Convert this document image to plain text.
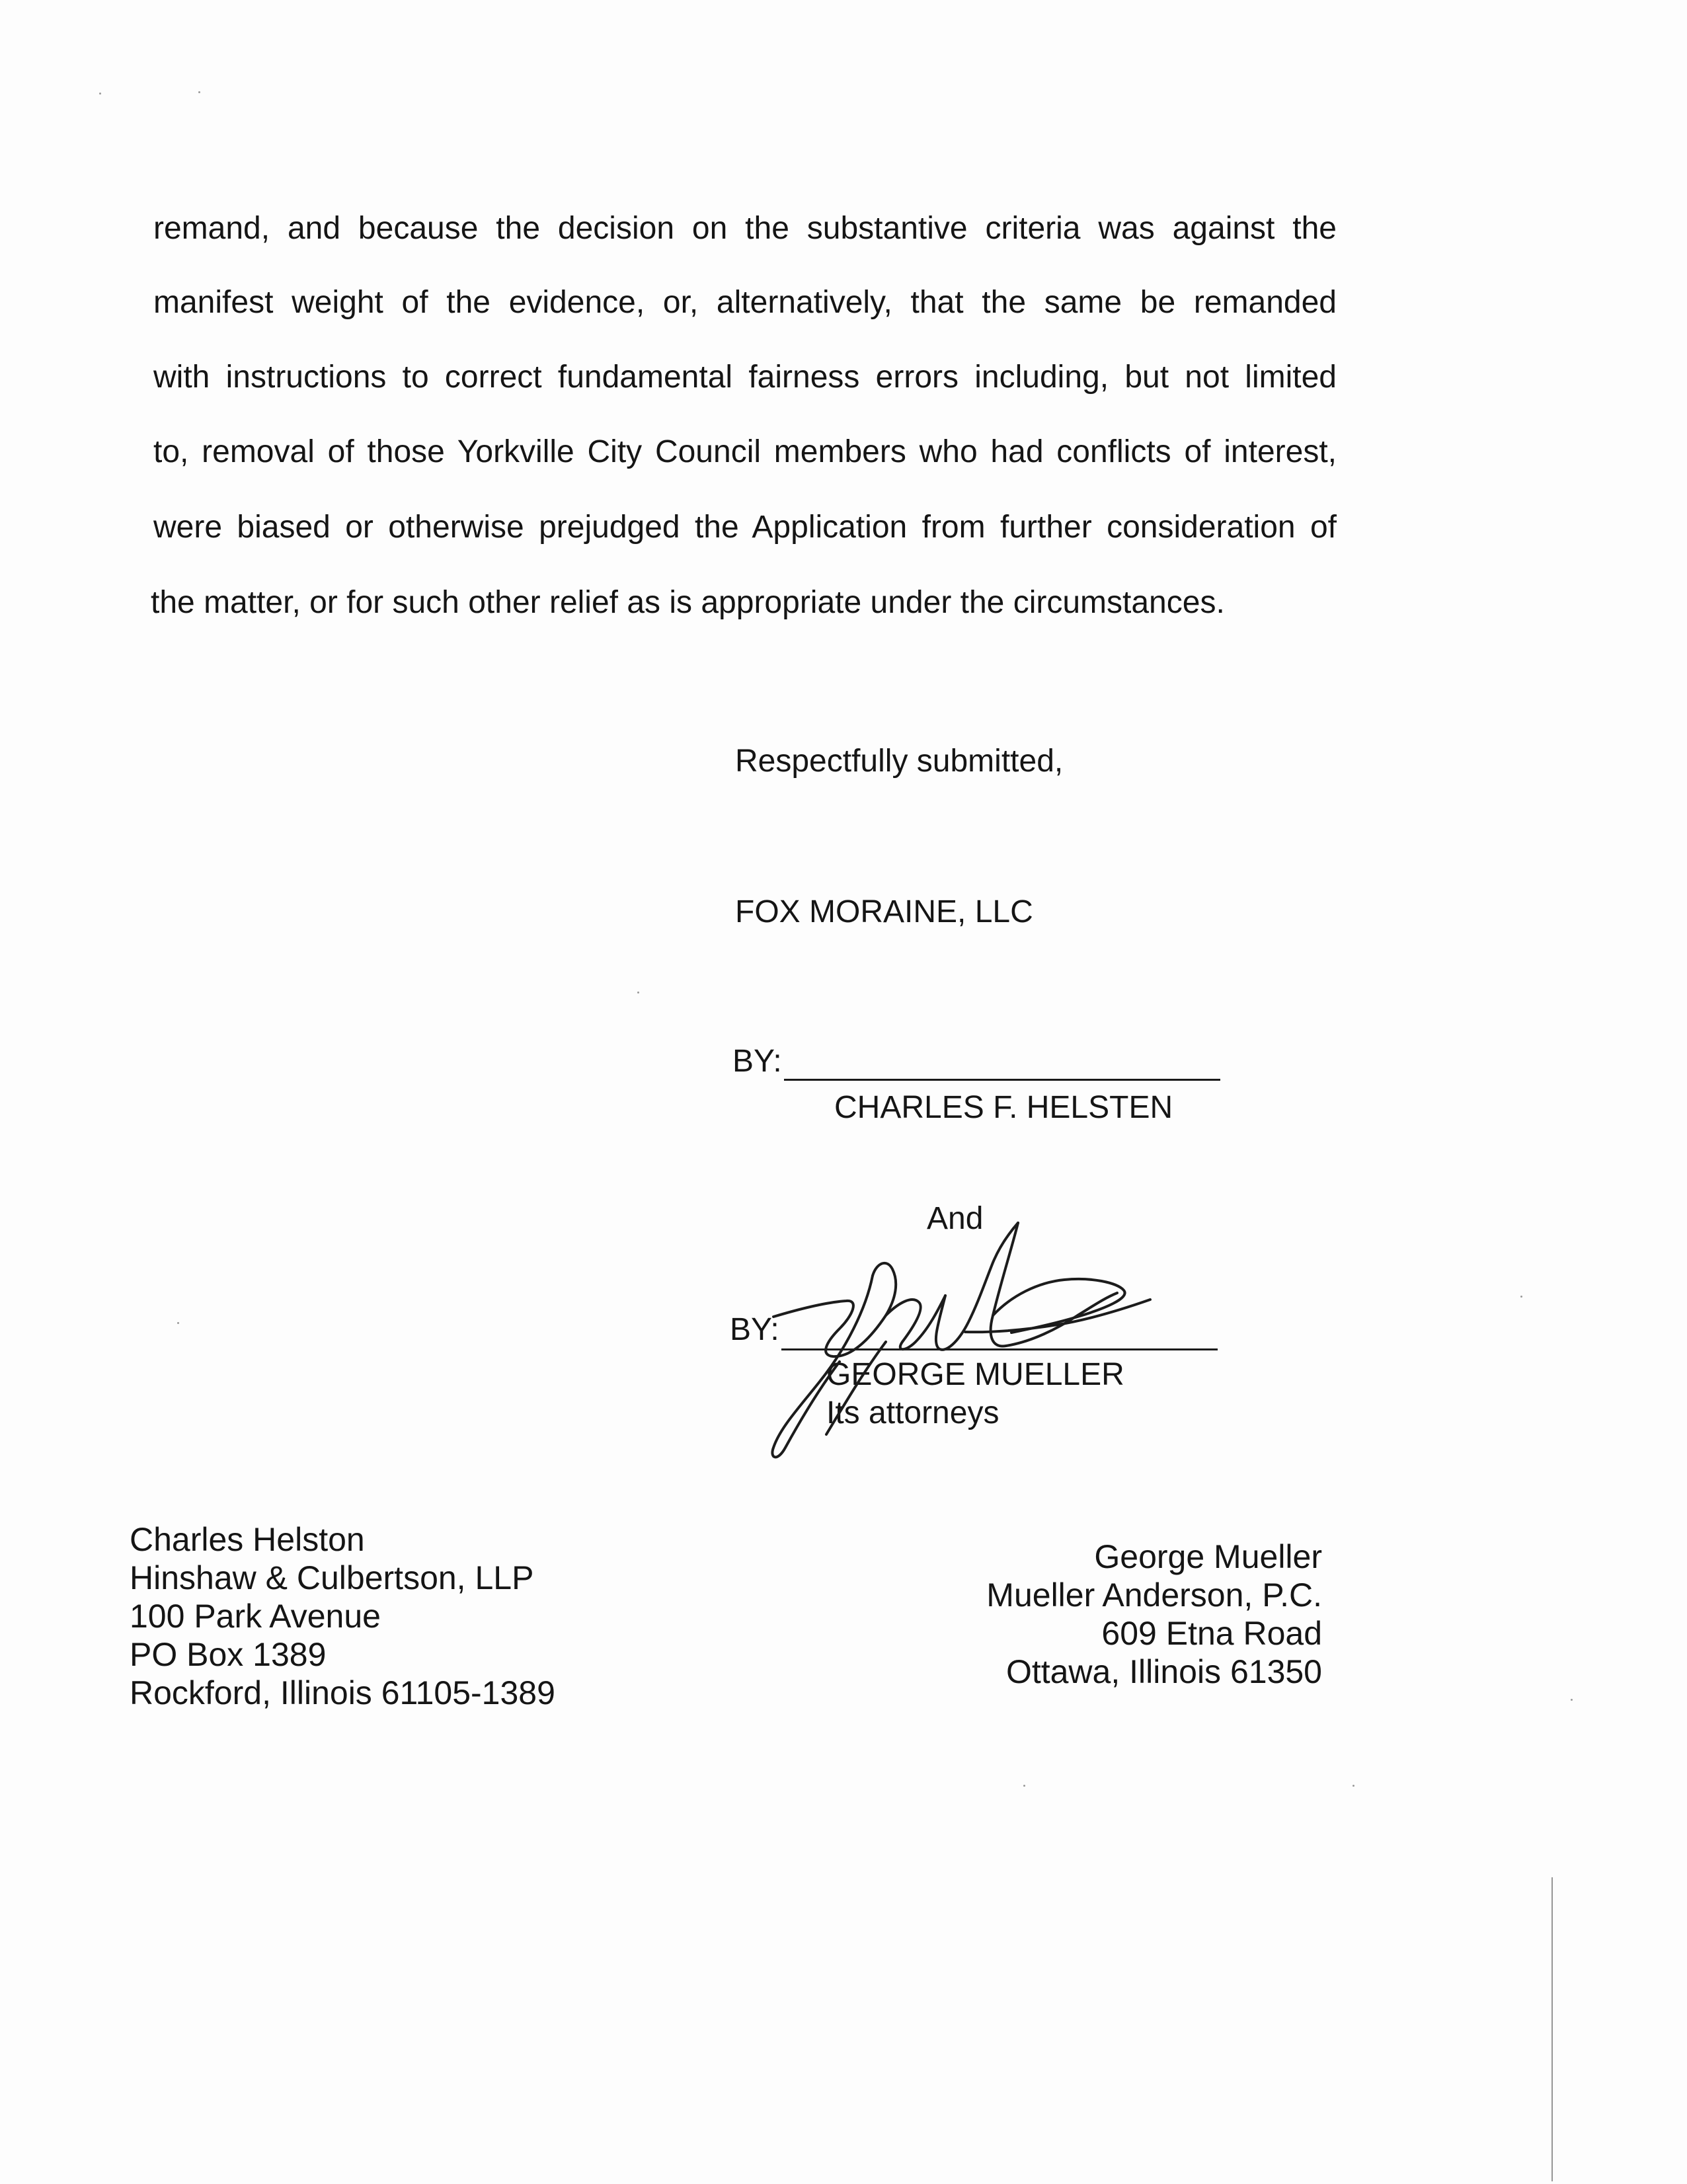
remand, and because the decision on the substantive criteria was against the
manifest weight of the evidence, or, alternatively, that the same be remanded
with instructions to correct fundamental fairness errors including, but not limited
to, removal of those Yorkville City Council members who had conflicts of interest,
were biased or otherwise prejudged the Application from further consideration of
the matter, or for such other relief as is appropriate under the circumstances.
Respectfully submitted,
FOX MORAINE, LLC
BY:
CHARLES F. HELSTEN
And
BY:
GEORGE MUELLER
Its attorneys
Charles Helston
Hinshaw & Culbertson, LLP
100 Park Avenue
PO Box 1389
Rockford, Illinois 61105-1389
George Mueller
Mueller Anderson, P.C.
609 Etna Road
Ottawa, Illinois 61350
